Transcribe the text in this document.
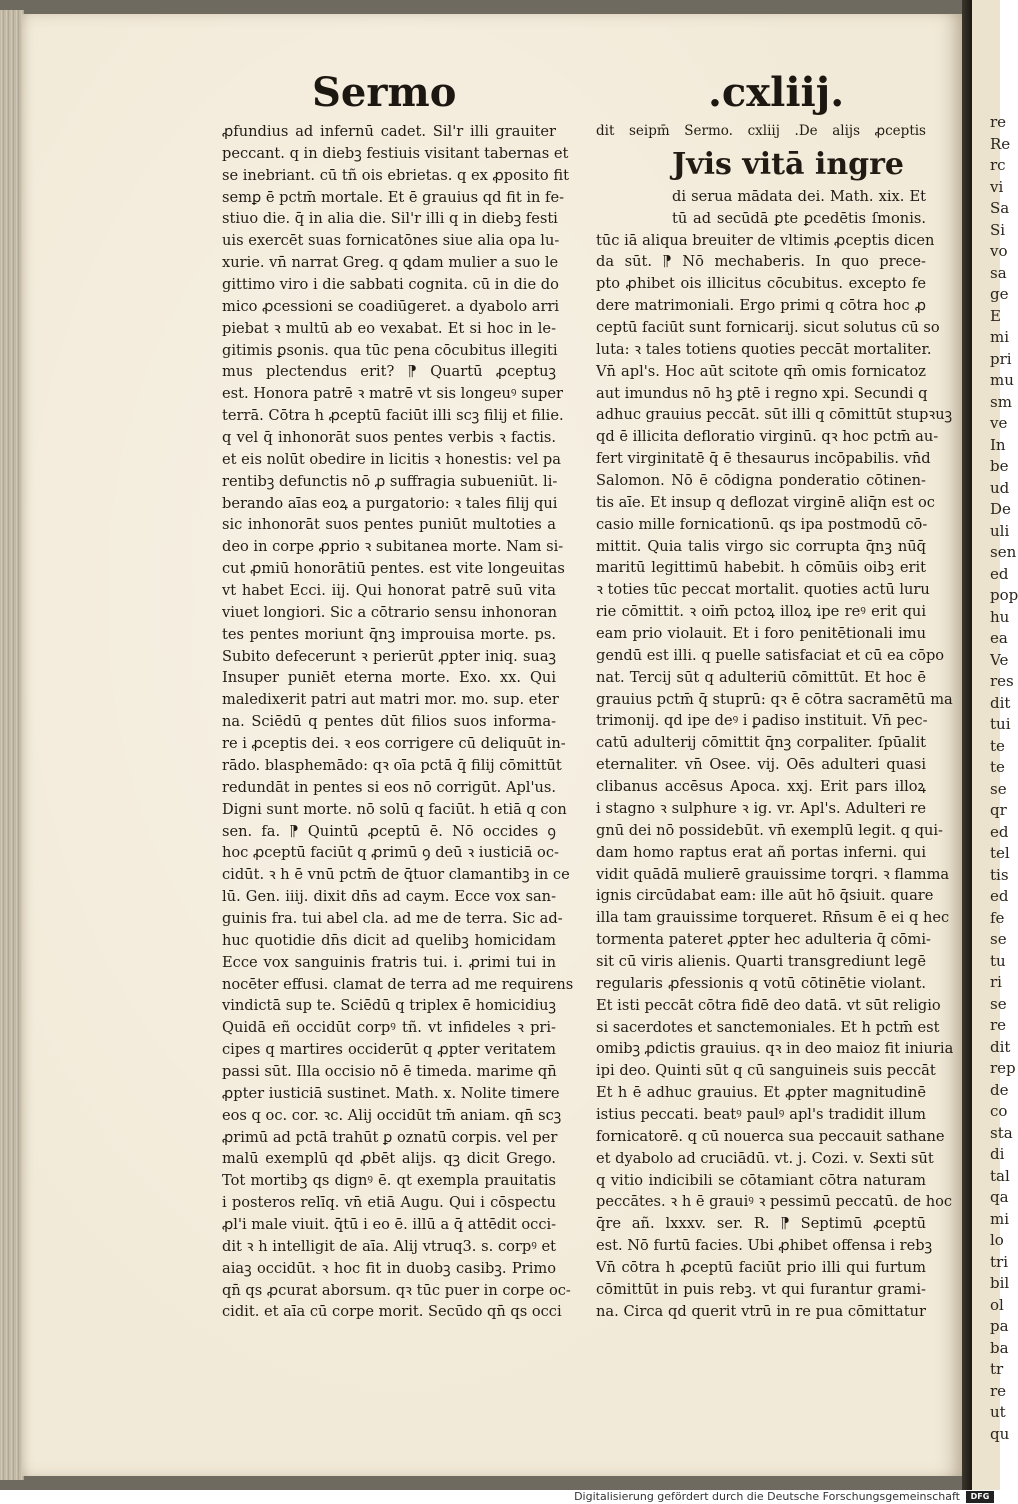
Sermo	.cxliij.
ꝓfundius ad infernū cadet. Sil'r illi grauiter
peccant. q in diebꝫ festiuis visitant tabernas et
se inebriant. cū tñ ois ebrietas. q ex ꝓposito fit
semꝑ ē pctm̄ mortale. Et ē grauius qd fit in fe-
stiuo die. q̄ in alia die. Sil'r illi q in diebꝫ festi
uis exercēt suas fornicatōnes siue alia opa lu-
xurie. vn̄ narrat Greg. q ꝗdam mulier a suo le
gittimo viro i die sabbati cognita. cū in die do
mico ꝓcessioni se coadiūgeret. a dyabolo arri
piebat ꝛ multū ab eo vexabat. Et si hoc in le-
gitimis ꝑsonis. qua tūc pena cōcubitus illegiti
mus plectendus erit? ⁋ Quartū ꝓceptuꝫ
est. Honora patrē ꝛ matrē vt sis longeuꝰ super
terrā. Cōtra h ꝓceptū faciūt illi scꝫ filij et filie.
q vel q̄ inhonorāt suos pentes verbis ꝛ factis.
et eis nolūt obedire in licitis ꝛ honestis: vel pa
rentibꝫ defunctis nō ꝓ suffragia subueniūt. li-
berando aīas eoꝝ a purgatorio: ꝛ tales filij qui
sic inhonorāt suos pentes puniūt multoties a
deo in corpe ꝓprio ꝛ subitanea morte. Nam si-
cut ꝓmiū honorātiū pentes. est vite longeuitas
vt habet Ecci. iij. Qui honorat patrē suū vita
viuet longiori. Sic a cōtrario sensu inhonoran
tes pentes moriunt q̄nꝫ improuisa morte. ps.
Subito defecerunt ꝛ perierūt ꝓpter iniq. suaꝫ
Insuper puniēt eterna morte. Exo. xx. Qui
maledixerit patri aut matri mor. mo. sup. eter
na. Sciēdū q pentes dūt filios suos informa-
re i ꝓceptis dei. ꝛ eos corrigere cū deliquūt in-
rādo. blasphemādo: qꝛ oīa pctā q̄ filij cōmittūt
redundāt in pentes si eos nō corrigūt. Apl'us.
Digni sunt morte. nō solū q faciūt. h etiā q con
sen. fa. ⁋ Quintū ꝓceptū ē. Nō occides ꝯ
hoc ꝓceptū faciūt q ꝓrimū ꝯ deū ꝛ iusticiā oc-
cidūt. ꝛ h ē vnū pctm̄ de q̄tuor clamantibꝫ in ce
lū. Gen. iiij. dixit dn̄s ad caym. Ecce vox san-
guinis fra. tui abel cla. ad me de terra. Sic ad-
huc quotidie dn̄s dicit ad quelibꝫ homicidam
Ecce vox sanguinis fratris tui. i. ꝓrimi tui in
nocēter effusi. clamat de terra ad me requirens
vindictā sup te. Sciēdū q triplex ē homicidiuꝫ
Quidā eñ occidūt corpꝰ tñ. vt infideles ꝛ pri-
cipes q martires occiderūt q ꝓpter veritatem
passi sūt. Illa occisio nō ē timeda. marime qn̄
ꝓpter iusticiā sustinet. Math. x. Nolite timere
eos q oc. cor. ꝛc. Alij occidūt tm̄ aniam. qn̄ scꝫ
ꝓrimū ad pctā trahūt ꝑ oznatū corpis. vel per
malū exemplū qd ꝓbēt alijs. qꝫ dicit Grego.
Tot mortibꝫ qs dignꝰ ē. qt exempla prauitatis
i posteros relīq. vn̄ etiā Augu. Qui i cōspectu
ꝓl'i male viuit. q̄tū i eo ē. illū a q̄ attēdit occi-
dit ꝛ h intelligit de aīa. Alij vtruq3. s. corpꝰ et
aiaꝫ occidūt. ꝛ hoc fit in duobꝫ casibꝫ. Primo
qn̄ qs ꝓcurat aborsum. qꝛ tūc puer in corpe oc-
cidit. et aīa cū corpe morit. Secūdo qn̄ qs occi
dit seipm̄ Sermo. cxliij .De alijs ꝓceptis
Jvis vitā ingre
di serua mādata dei. Math. xix. Et
tū ad secūdā ꝑte ꝑcedētis ſmonis.
tūc iā aliqua breuiter de vltimis ꝓceptis dicen
da sūt. ⁋ Nō mechaberis. In quo prece-
pto ꝓhibet ois illicitus cōcubitus. excepto fe
dere matrimoniali. Ergo primi q cōtra hoc ꝓ
ceptū faciūt sunt fornicarij. sicut solutus cū so
luta: ꝛ tales totiens quoties peccāt mortaliter.
Vn̄ apl's. Hoc aūt scitote qm̄ omis fornicatoz
aut imundus nō hꝫ ꝑtē i regno xpi. Secundi q
adhuc grauius peccāt. sūt illi q cōmittūt stupꝛuꝫ
qd ē illicita defloratio virginū. qꝛ hoc pctm̄ au-
fert virginitatē q̄ ē thesaurus incōpabilis. vn̄d
Salomon. Nō ē cōdigna ponderatio cōtinen-
tis aīe. Et insup q deflozat virginē aliq̄n est oc
casio mille fornicationū. qs ipa postmodū cō-
mittit. Quia talis virgo sic corrupta q̄nꝫ nūq̄
maritū legittimū habebit. h cōmūis oibꝫ erit
ꝛ toties tūc peccat mortalit. quoties actū luru
rie cōmittit. ꝛ oim̄ pctoꝝ illoꝝ ipe reꝰ erit qui
eam prio violauit. Et i foro penitētionali imu
gendū est illi. q puelle satisfaciat et cū ea cōpo
nat. Tercij sūt q adulteriū cōmittūt. Et hoc ē
grauius pctm̄ q̄ stuprū: qꝛ ē cōtra sacramētū ma
trimonij. qd ipe deꝰ i ꝑadiso instituit. Vn̄ pec-
catū adulterij cōmittit q̄nꝫ corpaliter. ſpūalit
eternaliter. vn̄ Osee. vij. Oēs adulteri quasi
clibanus accēsus Apoca. xxj. Erit pars illoꝝ
i stagno ꝛ sulphure ꝛ ig. vr. Apl's. Adulteri re
gnū dei nō possidebūt. vn̄ exemplū legit. q qui-
dam homo raptus erat añ portas inferni. qui
vidit quādā mulierē grauissime torqri. ꝛ flamma
ignis circūdabat eam: ille aūt hō q̄siuit. quare
illa tam grauissime torqueret. Rn̄sum ē ei q hec
tormenta pateret ꝓpter hec adulteria q̄ cōmi-
sit cū viris alienis. Quarti transgrediunt legē
regularis ꝓfessionis q votū cōtinētie violant.
Et isti peccāt cōtra fidē deo datā. vt sūt religio
si sacerdotes et sanctemoniales. Et h pctm̄ est
omibꝫ ꝓdictis grauius. qꝛ in deo maioz fit iniuria
ipi deo. Quinti sūt q cū sanguineis suis peccāt
Et h ē adhuc grauius. Et ꝓpter magnitudinē
istius peccati. beatꝰ paulꝰ apl's tradidit illum
fornicatorē. q cū nouerca sua peccauit sathane
et dyabolo ad cruciādū. vt. j. Cozi. v. Sexti sūt
q vitio indicibili se cōtamiant cōtra naturam
peccātes. ꝛ h ē grauiꝰ ꝛ pessimū peccatū. de hoc
q̄re añ. lxxxv. ser. R. ⁋ Septimū ꝓceptū
est. Nō furtū facies. Ubi ꝓhibet offensa i rebꝫ
Vn̄ cōtra h ꝓceptū faciūt prio illi qui furtum
cōmittūt in puis rebꝫ. vt qui furantur grami-
na. Circa qd querit vtrū in re pua cōmittatur
re
Re
rc
vi
Sa
Si
vo
sa
ge
E
mi
pri
mu
sm
ve
In
be
ud
De
uli
sen
ed
pop
hu
ea
Ve
res
dit
tui
te
te
se
qr
ed
tel
tis
ed
fe
se
tu
ri
se
re
dit
rep
de
co
sta
di
tal
qa
mi
lo
tri
bil
ol
pa
ba
tr
re
ut
qu
Digitalisierung gefördert durch die Deutsche Forschungsgemeinschaft	DFG
